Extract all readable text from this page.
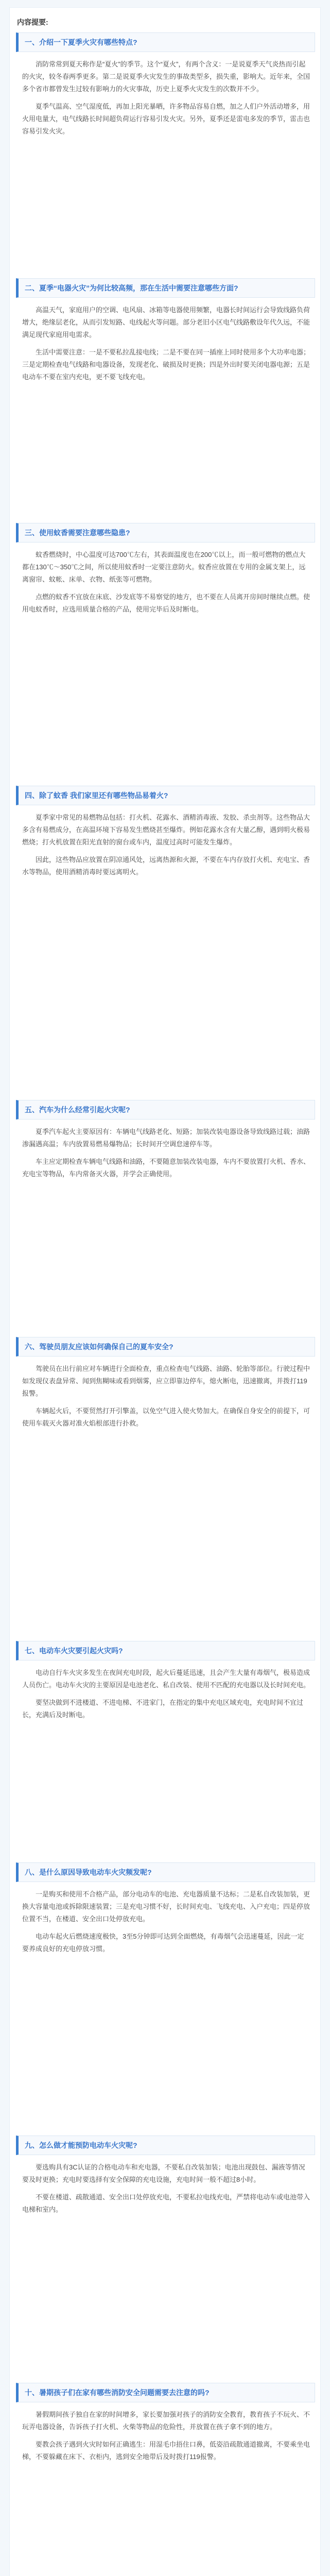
内容提要:
一、介绍一下夏季火灾有哪些特点?

消防常常到夏天称作是“夏火”的季节。这个“夏火”，有两个含义：一是说夏季天气炎热而引起的火灾，较冬春两季更多。第二是说夏季火灾发生的事故类型多，损失重，影响大。近年来，全国多个省市都曾发生过较有影响力的火灾事故，历史上夏季火灾发生的次数并不少。

夏季气温高、空气湿度低，再加上阳光暴晒，许多物品容易自燃，加之人们户外活动增多，用火用电量大，电气线路长时间超负荷运行容易引发火灾。另外，夏季还是雷电多发的季节，雷击也容易引发火灾。

二、夏季“电器火灾”为何比较高频，那在生活中需要注意哪些方面?

高温天气，家庭用户的空调、电风扇、冰箱等电器使用频繁，电器长时间运行会导致线路负荷增大，绝缘层老化，从而引发短路、电线起火等问题。部分老旧小区电气线路敷设年代久远，不能满足现代家庭用电需求。

生活中需要注意：一是不要私拉乱接电线；二是不要在同一插座上同时使用多个大功率电器；三是定期检查电气线路和电器设备，发现老化、破损及时更换；四是外出时要关闭电器电源；五是电动车不要在室内充电，更不要飞线充电。

三、使用蚊香需要注意哪些隐患?

蚊香燃烧时，中心温度可达700℃左右，其表面温度也在200℃以上，而一般可燃物的燃点大都在130℃～350℃之间，所以使用蚊香时一定要注意防火。蚊香应放置在专用的金属支架上，远离窗帘、蚊帐、床单、衣物、纸张等可燃物。

点燃的蚊香不宜放在床底、沙发底等不易察觉的地方，也不要在人员离开房间时继续点燃。使用电蚊香时，应选用质量合格的产品，使用完毕后及时断电。

四、除了蚊香 我们家里还有哪些物品易着火?

夏季家中常见的易燃物品包括：打火机、花露水、酒精消毒液、发胶、杀虫剂等。这些物品大多含有易燃成分，在高温环境下容易发生燃烧甚至爆炸。例如花露水含有大量乙醇，遇到明火极易燃烧；打火机放置在阳光直射的窗台或车内，温度过高时可能发生爆炸。

因此，这些物品应放置在阴凉通风处，远离热源和火源，不要在车内存放打火机、充电宝、香水等物品，使用酒精消毒时要远离明火。

五、汽车为什么经常引起火灾呢?

夏季汽车起火主要原因有：车辆电气线路老化、短路；加装改装电器设备导致线路过载；油路渗漏遇高温；车内放置易燃易爆物品；长时间开空调怠速停车等。

车主应定期检查车辆电气线路和油路，不要随意加装改装电器，车内不要放置打火机、香水、充电宝等物品，车内常备灭火器，并学会正确使用。

六、驾驶员朋友应该如何确保自己的夏车安全?

驾驶员在出行前应对车辆进行全面检查，重点检查电气线路、油路、轮胎等部位。行驶过程中如发现仪表盘异常、闻到焦糊味或看到烟雾，应立即靠边停车，熄火断电，迅速撤离，并拨打119报警。

车辆起火后，不要贸然打开引擎盖，以免空气进入使火势加大。在确保自身安全的前提下，可使用车载灭火器对准火焰根部进行扑救。

七、电动车火灾要引起火灾吗?

电动自行车火灾多发生在夜间充电时段，起火后蔓延迅速，且会产生大量有毒烟气，极易造成人员伤亡。电动车火灾的主要原因是电池老化、私自改装、使用不匹配的充电器以及长时间充电。

要坚决做到不进楼道、不进电梯、不进家门，在指定的集中充电区域充电，充电时间不宜过长，充满后及时断电。

八、是什么原因导致电动车火灾频发呢?

一是购买和使用不合格产品，部分电动车的电池、充电器质量不达标；二是私自改装加装，更换大容量电池或拆除限速装置；三是充电习惯不好，长时间充电、飞线充电、入户充电；四是停放位置不当，在楼道、安全出口处停放充电。

电动车起火后燃烧速度极快，3至5分钟即可达到全面燃烧，有毒烟气会迅速蔓延，因此一定要养成良好的充电停放习惯。

九、怎么做才能预防电动车火灾呢?

要选购具有3C认证的合格电动车和充电器，不要私自改装加装；电池出现鼓包、漏液等情况要及时更换；充电时要选择有安全保障的充电设施，充电时间一般不超过8小时。

不要在楼道、疏散通道、安全出口处停放充电，不要私拉电线充电，严禁将电动车或电池带入电梯和室内。

十、暑期孩子们在家有哪些消防安全问题需要去注意的吗?

暑假期间孩子独自在家的时间增多，家长要加强对孩子的消防安全教育，教育孩子不玩火、不玩弄电器设备，告诉孩子打火机、火柴等物品的危险性，并放置在孩子拿不到的地方。

要教会孩子遇到火灾时如何正确逃生：用湿毛巾捂住口鼻，低姿沿疏散通道撤离，不要乘坐电梯，不要躲藏在床下、衣柜内，逃到安全地带后及时拨打119报警。
